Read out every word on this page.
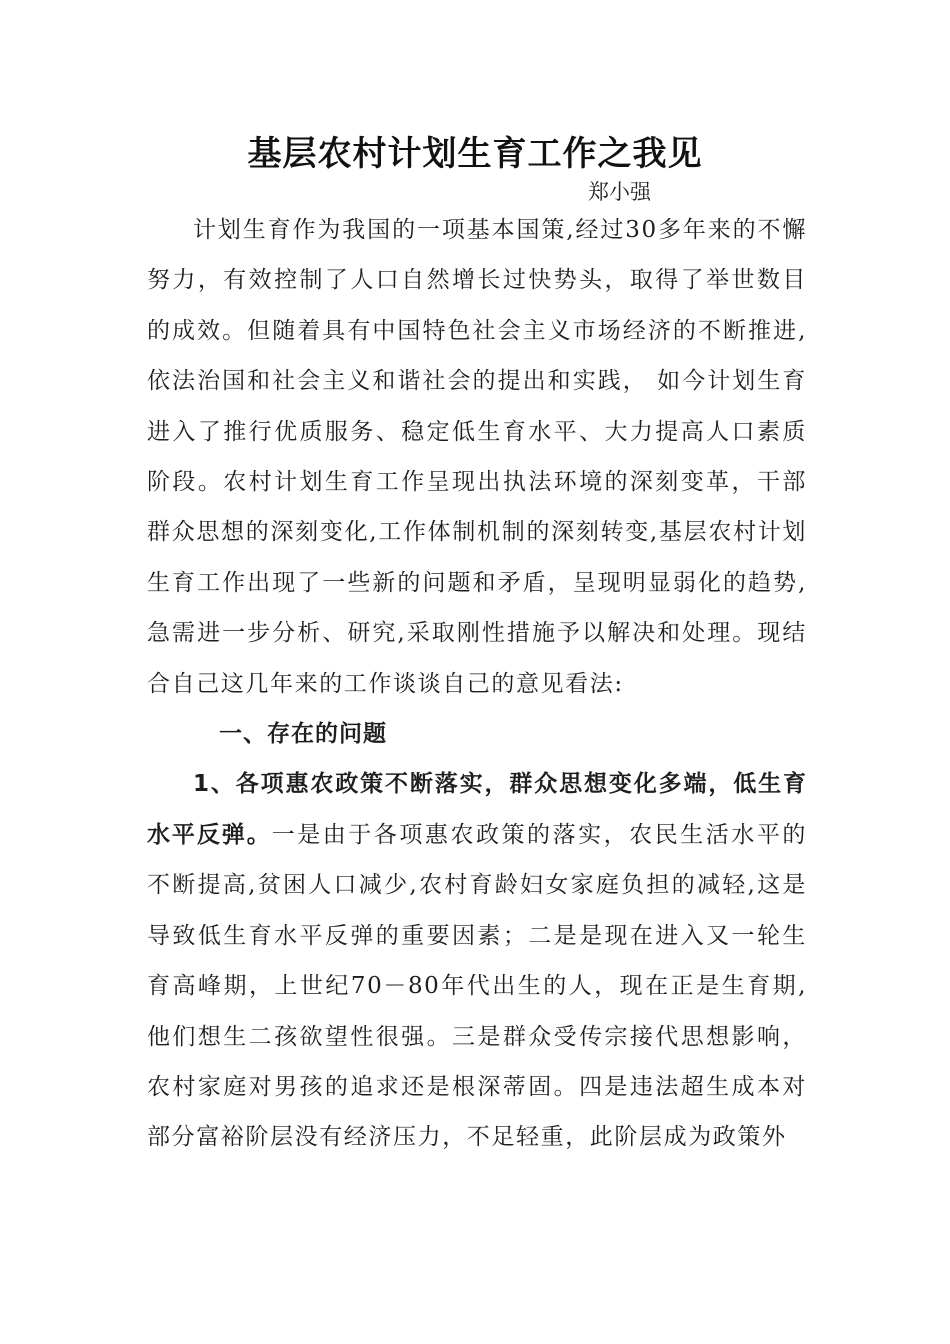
基层农村计划生育工作之我见
郑小强

计划生育作为我国的一项基本国策,经过30多年来的不懈努力，有效控制了人口自然增长过快势头，取得了举世数目的成效。但随着具有中国特色社会主义市场经济的不断推进,依法治国和社会主义和谐社会的提出和实践， 如今计划生育进入了推行优质服务、稳定低生育水平、大力提高人口素质阶段。农村计划生育工作呈现出执法环境的深刻变革，干部群众思想的深刻变化,工作体制机制的深刻转变,基层农村计划生育工作出现了一些新的问题和矛盾，呈现明显弱化的趋势,急需进一步分析、研究,采取刚性措施予以解决和处理。现结合自己这几年来的工作谈谈自己的意见看法:

一、存在的问题

1、各项惠农政策不断落实，群众思想变化多端，低生育水平反弹。一是由于各项惠农政策的落实，农民生活水平的不断提高,贫困人口减少,农村育龄妇女家庭负担的减轻,这是导致低生育水平反弹的重要因素；二是是现在进入又一轮生育高峰期，上世纪70－80年代出生的人，现在正是生育期,他们想生二孩欲望性很强。三是群众受传宗接代思想影响，农村家庭对男孩的追求还是根深蒂固。四是违法超生成本对部分富裕阶层没有经济压力，不足轻重，此阶层成为政策外
